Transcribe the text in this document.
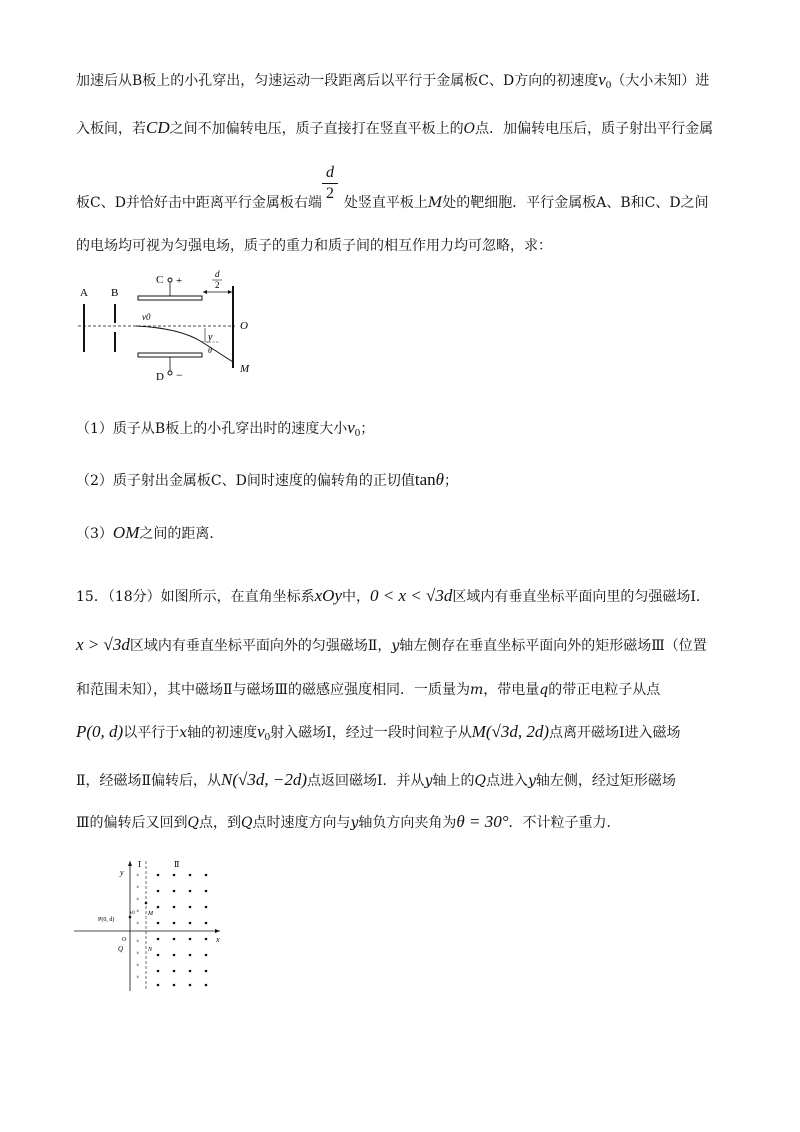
加速后从B板上的小孔穿出，匀速运动一段距离后以平行于金属板C、D方向的初速度$v_0$（大小未知）进
入板间，若CD之间不加偏转电压，质子直接打在竖直平板上的O点．加偏转电压后，质子射出平行金属
d
2
板C、D并恰好击中距离平行金属板右端 处竖直平板上M处的靶细胞．平行金属板A、B和C、D之间
的电场均可视为匀强电场，质子的重力和质子间的相互作用力均可忽略，求：
A B
C +
D −
d
2
O
M
v0
y
θ
（1）质子从B板上的小孔穿出时的速度大小$v_0$；
（2）质子射出金属板C、D间时速度的偏转角的正切值tanθ；
（3）OM之间的距离．
15．（18分）如图所示，在直角坐标系xOy中，0 < x < √3d区域内有垂直坐标平面向里的匀强磁场Ⅰ．
x > √3d区域内有垂直坐标平面向外的匀强磁场Ⅱ，y轴左侧存在垂直坐标平面向外的矩形磁场Ⅲ（位置
和范围未知），其中磁场Ⅱ与磁场Ⅲ的磁感应强度相同．一质量为m，带电量q的带正电粒子从点
P(0, d)以平行于x轴的初速度$v_0$射入磁场Ⅰ，经过一段时间粒子从M(√3d, 2d)点离开磁场Ⅰ进入磁场
Ⅱ，经磁场Ⅱ偏转后，从N(√3d, −2d)点返回磁场Ⅰ．并从y轴上的Q点进入y轴左侧，经过矩形磁场
Ⅲ的偏转后又回到Q点，到Q点时速度方向与y轴负方向夹角为θ = 30°．不计粒子重力．
x
y
Ⅰ	Ⅱ
×
×
×
×
×
×
×
×
×
P(0, d)
v0 M
O
Q	N
